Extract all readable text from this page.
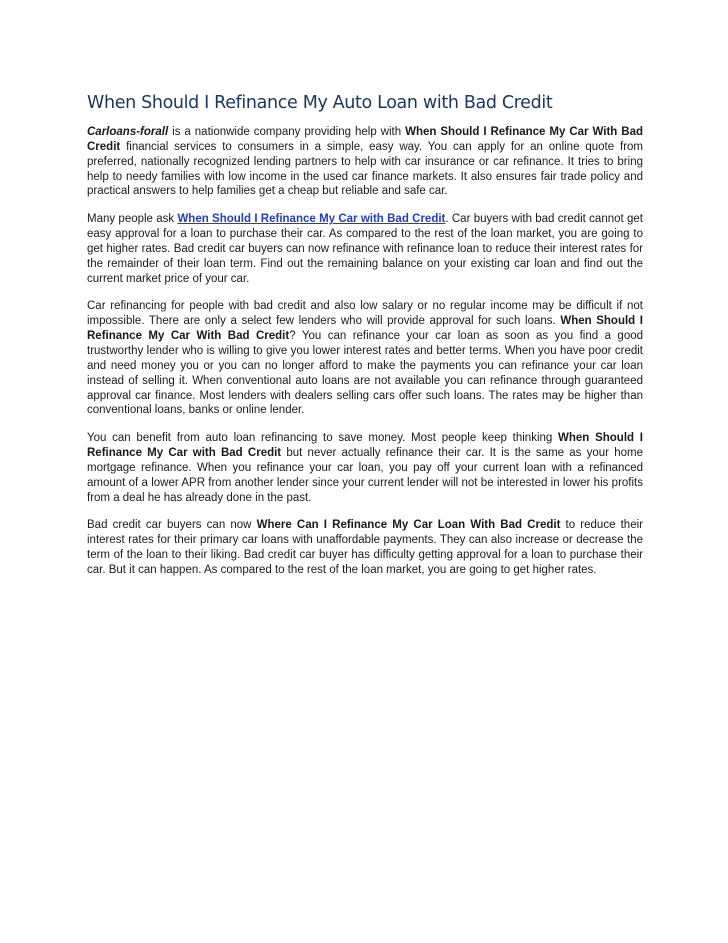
When Should I Refinance My Auto Loan with Bad Credit

Carloans-forall is a nationwide company providing help with When Should I Refinance My Car With Bad Credit financial services to consumers in a simple, easy way. You can apply for an online quote from preferred, nationally recognized lending partners to help with car insurance or car refinance. It tries to bring help to needy families with low income in the used car finance markets. It also ensures fair trade policy and practical answers to help families get a cheap but reliable and safe car.

Many people ask When Should I Refinance My Car with Bad Credit. Car buyers with bad credit cannot get easy approval for a loan to purchase their car. As compared to the rest of the loan market, you are going to get higher rates. Bad credit car buyers can now refinance with refinance loan to reduce their interest rates for the remainder of their loan term. Find out the remaining balance on your existing car loan and find out the current market price of your car.

Car refinancing for people with bad credit and also low salary or no regular income may be difficult if not impossible. There are only a select few lenders who will provide approval for such loans. When Should I Refinance My Car With Bad Credit? You can refinance your car loan as soon as you find a good trustworthy lender who is willing to give you lower interest rates and better terms. When you have poor credit and need money you or you can no longer afford to make the payments you can refinance your car loan instead of selling it. When conventional auto loans are not available you can refinance through guaranteed approval car finance. Most lenders with dealers selling cars offer such loans. The rates may be higher than conventional loans, banks or online lender.

You can benefit from auto loan refinancing to save money. Most people keep thinking When Should I Refinance My Car with Bad Credit but never actually refinance their car. It is the same as your home mortgage refinance. When you refinance your car loan, you pay off your current loan with a refinanced amount of a lower APR from another lender since your current lender will not be interested in lower his profits from a deal he has already done in the past.

Bad credit car buyers can now Where Can I Refinance My Car Loan With Bad Credit to reduce their interest rates for their primary car loans with unaffordable payments. They can also increase or decrease the term of the loan to their liking. Bad credit car buyer has difficulty getting approval for a loan to purchase their car. But it can happen. As compared to the rest of the loan market, you are going to get higher rates.
